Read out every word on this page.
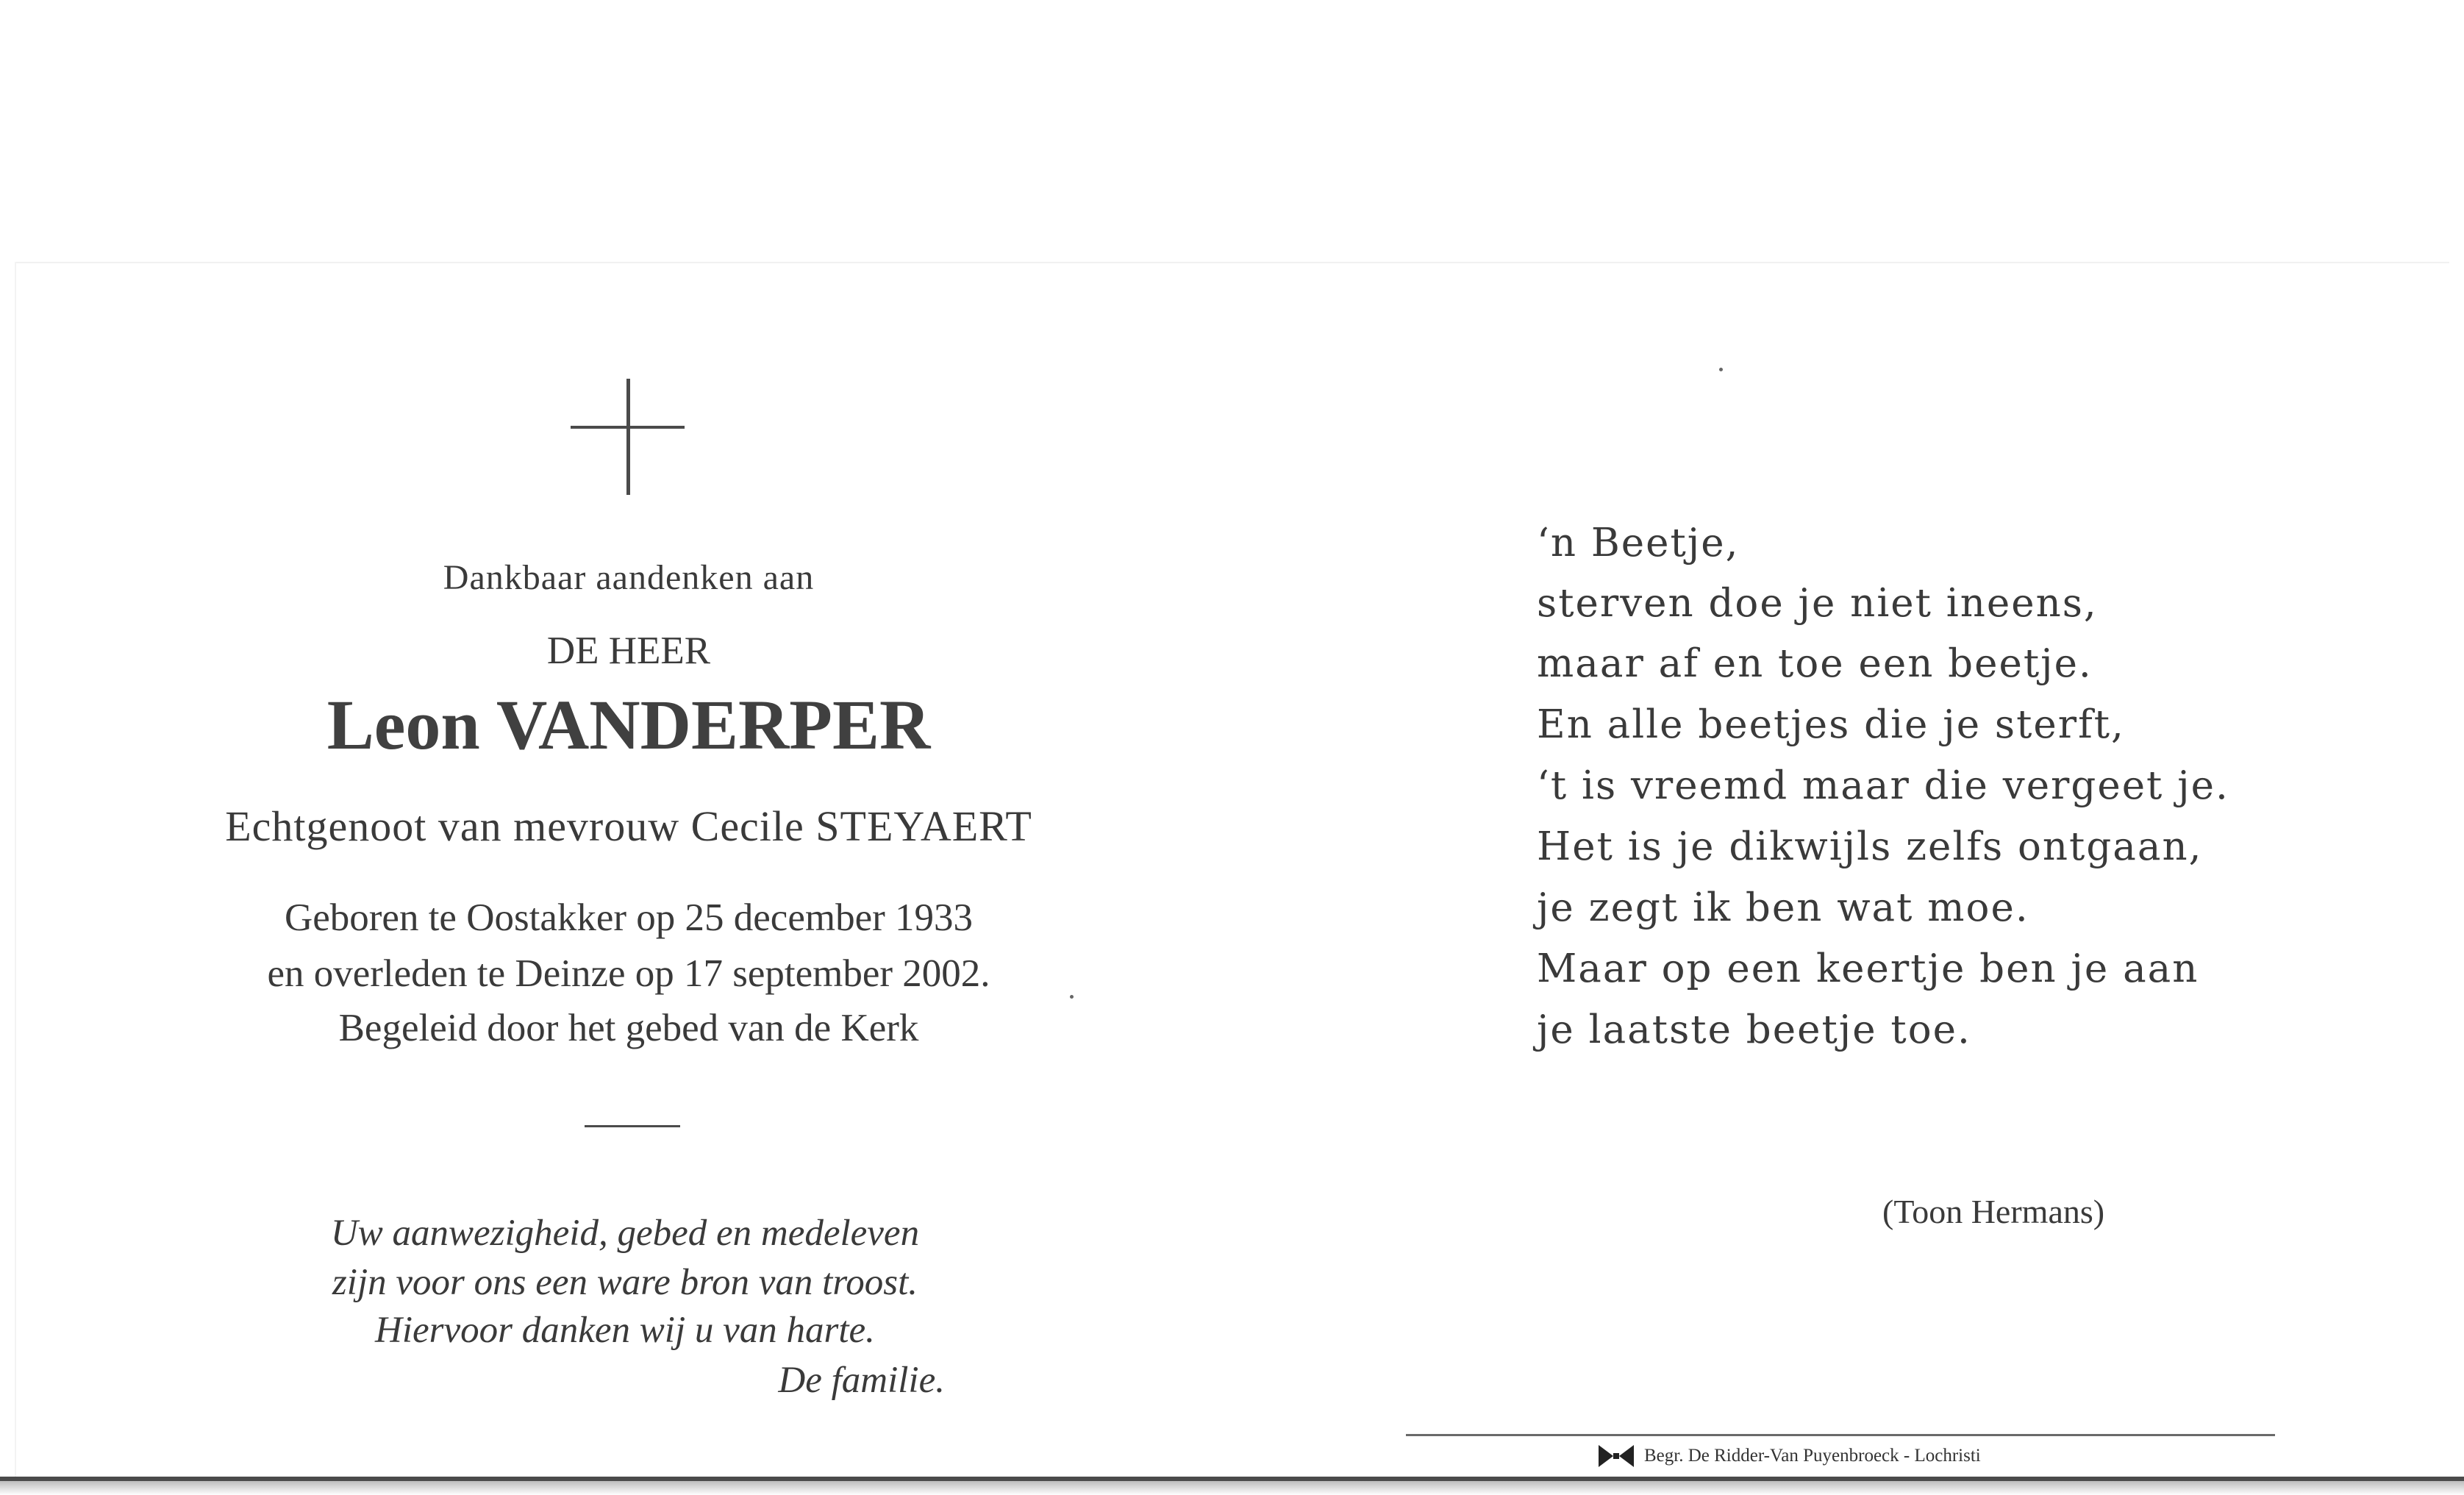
Dankbaar aandenken aan
DE HEER
Leon VANDERPER
Echtgenoot van mevrouw Cecile STEYAERT
Geboren te Oostakker op 25 december 1933
en overleden te Deinze op 17 september 2002.
Begeleid door het gebed van de Kerk
Uw aanwezigheid, gebed en medeleven
zijn voor ons een ware bron van troost.
Hiervoor danken wij u van harte.
De familie.
‘n Beetje,
sterven doe je niet ineens,
maar af en toe een beetje.
En alle beetjes die je sterft,
‘t is vreemd maar die vergeet je.
Het is je dikwijls zelfs ontgaan,
je zegt ik ben wat moe.
Maar op een keertje ben je aan
je laatste beetje toe.
(Toon Hermans)
Begr. De Ridder-Van Puyenbroeck - Lochristi
